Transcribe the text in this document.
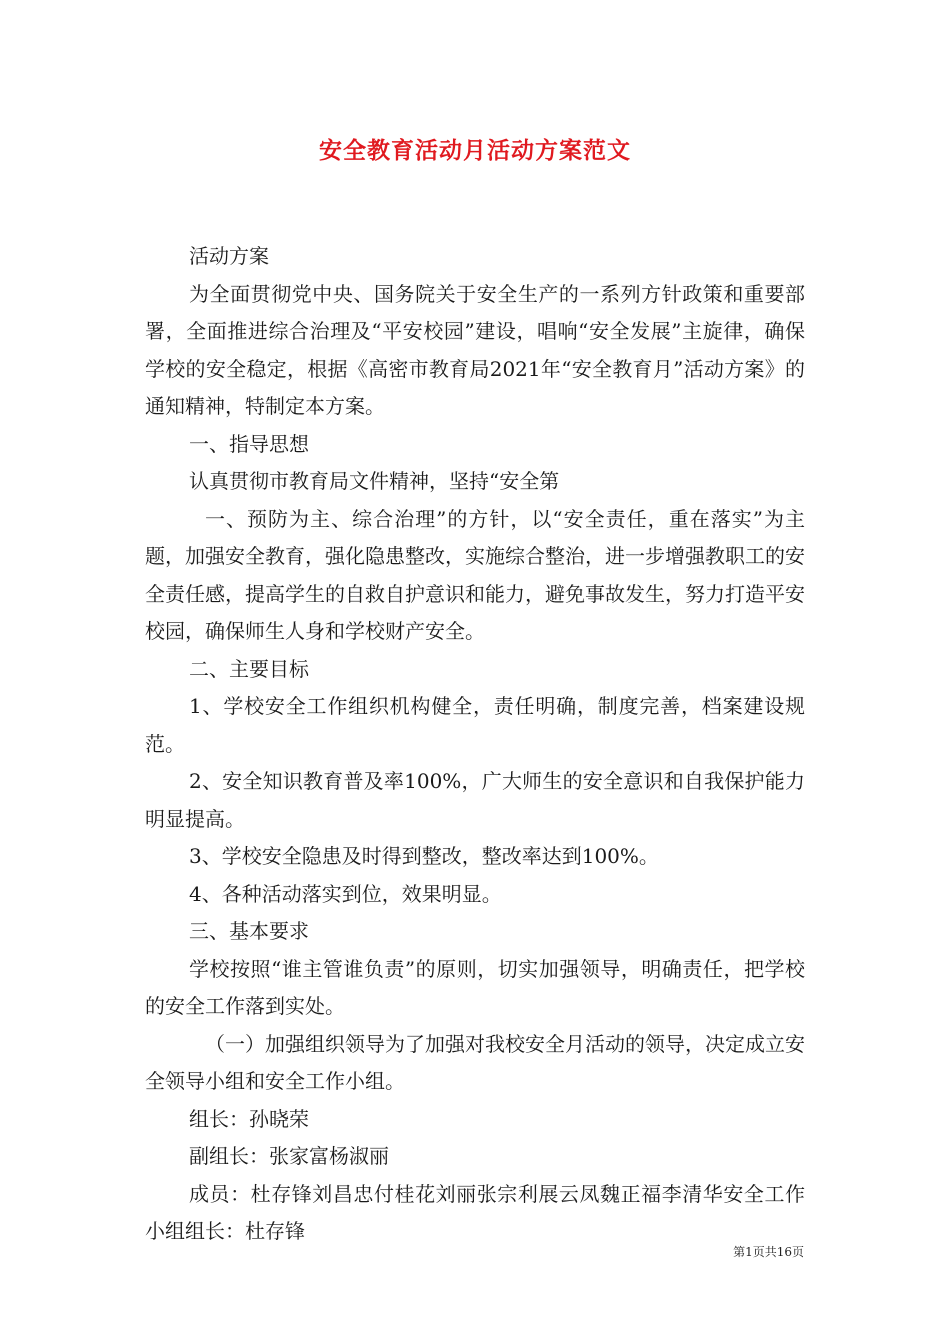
安全教育活动月活动方案范文

活动方案

为全面贯彻党中央、国务院关于安全生产的一系列方针政策和重要部署，全面推进综合治理及“平安校园”建设，唱响“安全发展”主旋律，确保学校的安全稳定，根据《高密市教育局2021年“安全教育月”活动方案》的通知精神，特制定本方案。

一、指导思想

认真贯彻市教育局文件精神，坚持“安全第

一、预防为主、综合治理”的方针，以“安全责任，重在落实”为主题，加强安全教育，强化隐患整改，实施综合整治，进一步增强教职工的安全责任感，提高学生的自救自护意识和能力，避免事故发生，努力打造平安校园，确保师生人身和学校财产安全。

二、主要目标

1、学校安全工作组织机构健全，责任明确，制度完善，档案建设规范。

2、安全知识教育普及率100%，广大师生的安全意识和自我保护能力明显提高。

3、学校安全隐患及时得到整改，整改率达到100%。

4、各种活动落实到位，效果明显。

三、基本要求

学校按照“谁主管谁负责”的原则，切实加强领导，明确责任，把学校的安全工作落到实处。

（一）加强组织领导为了加强对我校安全月活动的领导，决定成立安全领导小组和安全工作小组。

组长：孙晓荣

副组长：张家富杨淑丽

成员：杜存锋刘昌忠付桂花刘丽张宗利展云凤魏正福李清华安全工作小组组长：杜存锋

第1页共16页
